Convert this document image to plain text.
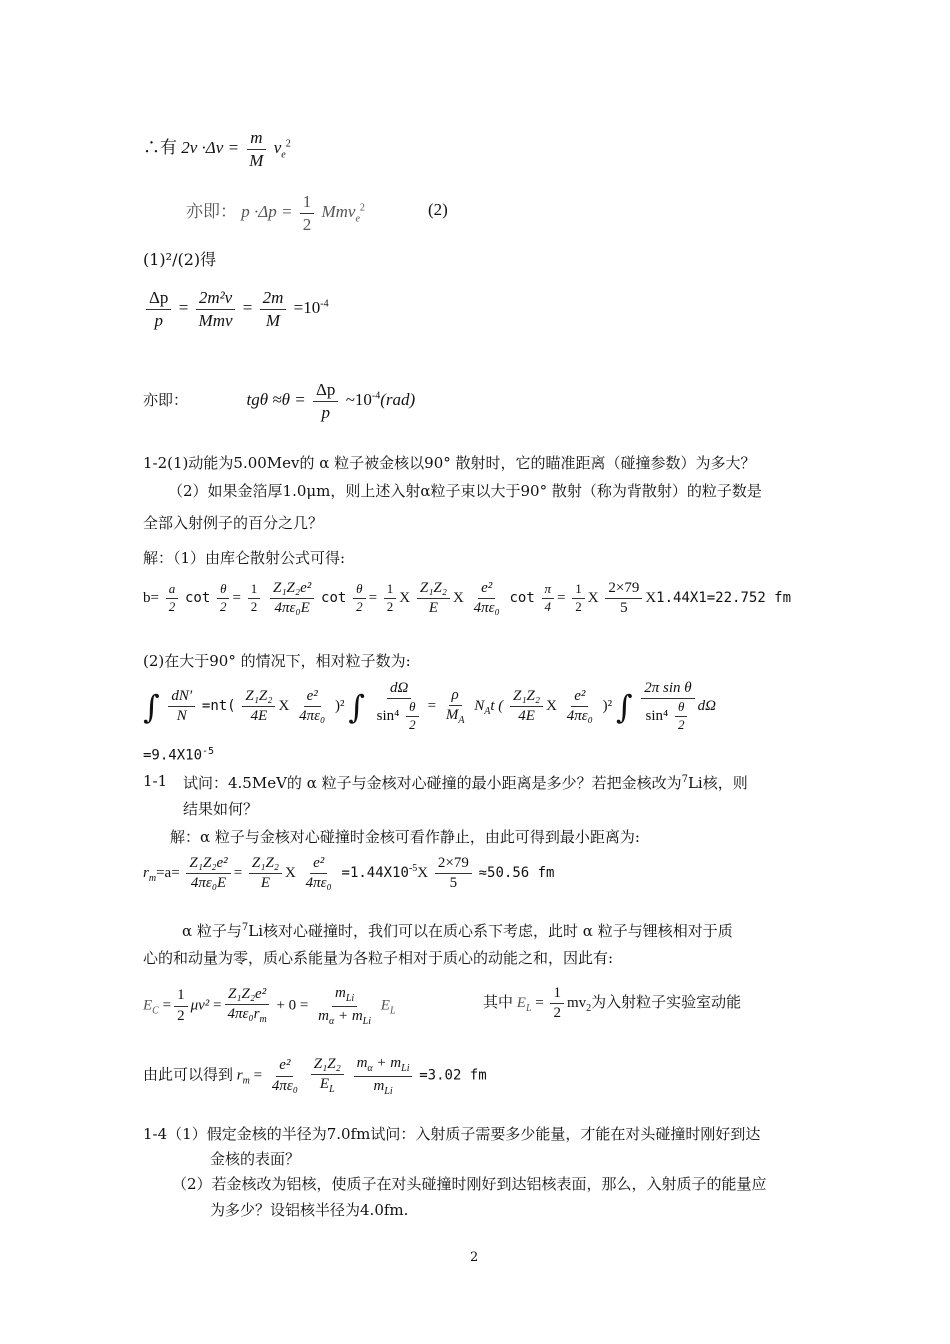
∴有 $2v \cdot\Delta v = \frac{m}{M} v_e^2$
亦即： $p \cdot\Delta p = \frac{1}{2} Mmv_e^2$	(2)
(1)²/(2)得
$\frac{\Delta p}{p} = \frac{\text{2m²v}}{\text{Mmv}} = \frac{2m}{M} =10^{-4}$
亦即：	$tg\theta \approx\theta = \frac{\Delta p}{p}$ $\sim 10^{-4}(rad)$
1-2(1)动能为5.00Mev的 α 粒子被金核以90° 散射时，它的瞄准距离（碰撞参数）为多大？
（2）如果金箔厚1.0μm，则上述入射α粒子束以大于90° 散射（称为背散射）的粒子数是
全部入射例子的百分之几？
解：（1）由库仑散射公式可得:
$b= \frac{a}{2}$ $\cot \frac{\theta}{2} = \frac{1}{2}$
$\frac{\text{Z₁Z₂e²}}{\text{4πε₀E}}$ $\cot \frac{\theta}{2} = \frac{1}{2}$ X $\frac{\text{Z₁Z₂}}{E}$ X $\frac{\text{e²}}{\text{4πε₀}}$ $\cot \frac{\pi}{4} = \frac{1}{2}$ X $\frac{2\times 79}{5} X1.44X1=22.752$ fm
(2)在大于90° 的情况下，相对粒子数为:
∫ $\frac{dN'}{N} =nt( \frac{\text{Z₁Z₂}}{4E}$ X $\frac{\text{e²}}{\text{4πε₀}} )^2$ ∫ $\frac{d\Omega}{\sin^4 \frac{\theta}{2}} = \frac{\rho}{M_A} N_At$ ( $\frac{\text{Z₁Z₂}}{4E}$ X $\frac{\text{e²}}{\text{4πε₀}} )^2$ ∫ $\frac{\text{2π sin θ}}{\sin^4 \frac{\theta}{2}}$ dΩ
$=9.4X10^{-5}$
1-1 试问：4.5MeV的 α 粒子与金核对心碰撞的最小距离是多少？若把金核改为$^7$Li核，则
结果如何？
解：α 粒子与金核对心碰撞时金核可看作静止，由此可得到最小距离为:
$r_m=a= \frac{\text{Z₁Z₂e²}}{\text{4πε₀E}} = \frac{\text{Z₁Z₂}}{E}$ X $\frac{\text{e²}}{\text{4πε₀}} =1.44X10^{-5}X \frac{2\times 79}{5} \approx 50.56$ fm
α 粒子与$^7$Li核对心碰撞时，我们可以在质心系下考虑，此时 α 粒子与锂核相对于质
心的和动量为零，质心系能量为各粒子相对于质心的动能之和，因此有:
$E_C = \frac{1}{2} \mu v^2 = \frac{\text{Z₁Z₂e²}}{4\pi\varepsilon_0r_m} + 0 = \frac{m_{Li}}{m_\alpha + m_{Li}} E_L$	其中 $E_L = \frac{1}{2} mv_2$为入射粒子实验室动能
由此可以得到 $r_m = \frac{\text{e²}}{\text{4πε₀}}$
$\frac{\text{Z₁Z₂}}{E_L}$
$\frac{m_\alpha + m_{Li}}{m_{Li}} =3.02$ fm
1-4（1）假定金核的半径为7.0fm试问：入射质子需要多少能量，才能在对头碰撞时刚好到达
金核的表面？
（2）若金核改为铝核，使质子在对头碰撞时刚好到达铝核表面，那么，入射质子的能量应
为多少？设铝核半径为4.0fm.
2
